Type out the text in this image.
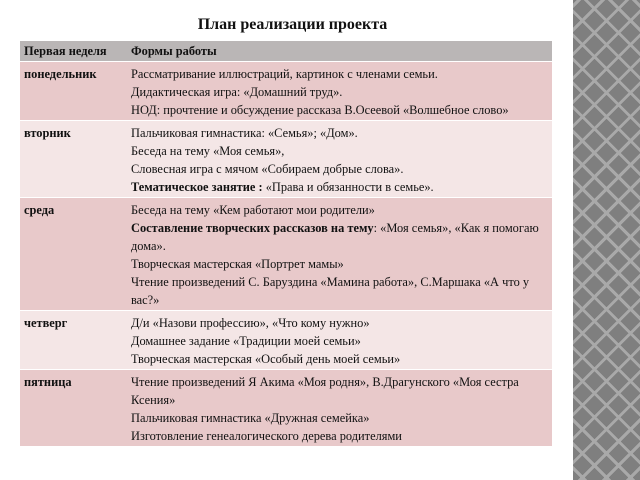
План реализации проекта
Первая неделя	Формы работы
понедельник	Рассматривание иллюстраций, картинок с членами семьи.
Дидактическая игра: «Домашний труд».
НОД: прочтение и обсуждение рассказа В.Осеевой «Волшебное слово»

вторник	Пальчиковая гимнастика: «Семья»; «Дом».
Беседа на тему «Моя семья»,
Словесная игра с мячом «Собираем добрые слова».
Тематическое занятие : «Права и обязанности в семье».

среда	Беседа на тему «Кем работают мои родители»
Составление творческих рассказов на тему: «Моя семья», «Как я помогаю дома».
Творческая мастерская «Портрет мамы»
Чтение произведений С. Баруздина «Мамина работа», С.Маршака «А что у вас?»

четверг	Д/и «Назови профессию», «Что кому нужно»
Домашнее задание «Традиции моей семьи»
Творческая мастерская «Особый день моей семьи»

пятница	Чтение произведений Я Акима «Моя родня», В.Драгунского «Моя сестра Ксения»
Пальчиковая гимнастика «Дружная семейка»
Изготовление генеалогического дерева родителями
